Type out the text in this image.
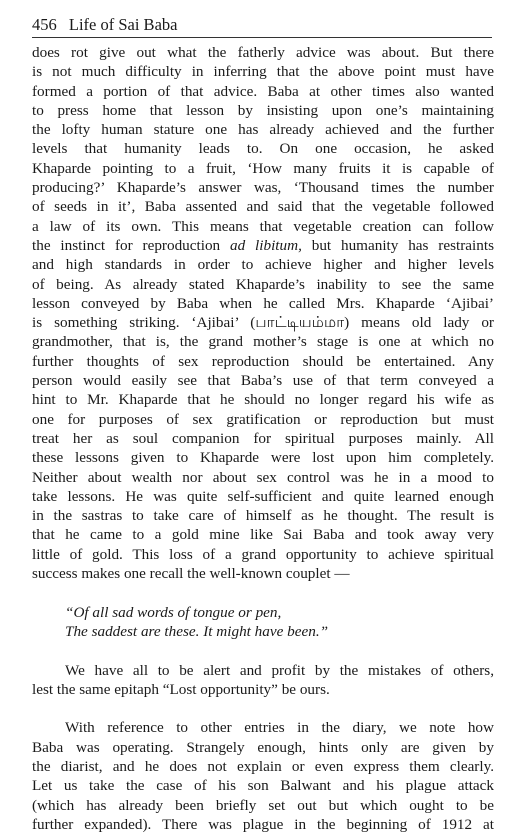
456 Life of Sai Baba
does rot give out what the fatherly advice was about. But there
is not much difficulty in inferring that the above point must have
formed a portion of that advice. Baba at other times also wanted
to press home that lesson by insisting upon one’s maintaining
the lofty human stature one has already achieved and the further
levels that humanity leads to. On one occasion, he asked
Khaparde pointing to a fruit, ‘How many fruits it is capable of
producing?’ Khaparde’s answer was, ‘Thousand times the number
of seeds in it’, Baba assented and said that the vegetable followed
a law of its own. This means that vegetable creation can follow
the instinct for reproduction ad libitum, but humanity has restraints
and high standards in order to achieve higher and higher levels
of being. As already stated Khaparde’s inability to see the same
lesson conveyed by Baba when he called Mrs. Khaparde ‘Ajibai’
is something striking. ‘Ajibai’ (பாட்டியம்மா) means old lady or
grandmother, that is, the grand mother’s stage is one at which no
further thoughts of sex reproduction should be entertained. Any
person would easily see that Baba’s use of that term conveyed a
hint to Mr. Khaparde that he should no longer regard his wife as
one for purposes of sex gratification or reproduction but must
treat her as soul companion for spiritual purposes mainly. All
these lessons given to Khaparde were lost upon him completely.
Neither about wealth nor about sex control was he in a mood to
take lessons. He was quite self-sufficient and quite learned enough
in the sastras to take care of himself as he thought. The result is
that he came to a gold mine like Sai Baba and took away very
little of gold. This loss of a grand opportunity to achieve spiritual
success makes one recall the well-known couplet —
“Of all sad words of tongue or pen,
The saddest are these. It might have been.”
We have all to be alert and profit by the mistakes of others,
lest the same epitaph “Lost opportunity” be ours.
With reference to other entries in the diary, we note how
Baba was operating. Strangely enough, hints only are given by
the diarist, and he does not explain or even express them clearly.
Let us take the case of his son Balwant and his plague attack
(which has already been briefly set out but which ought to be
further expanded). There was plague in the beginning of 1912 at
